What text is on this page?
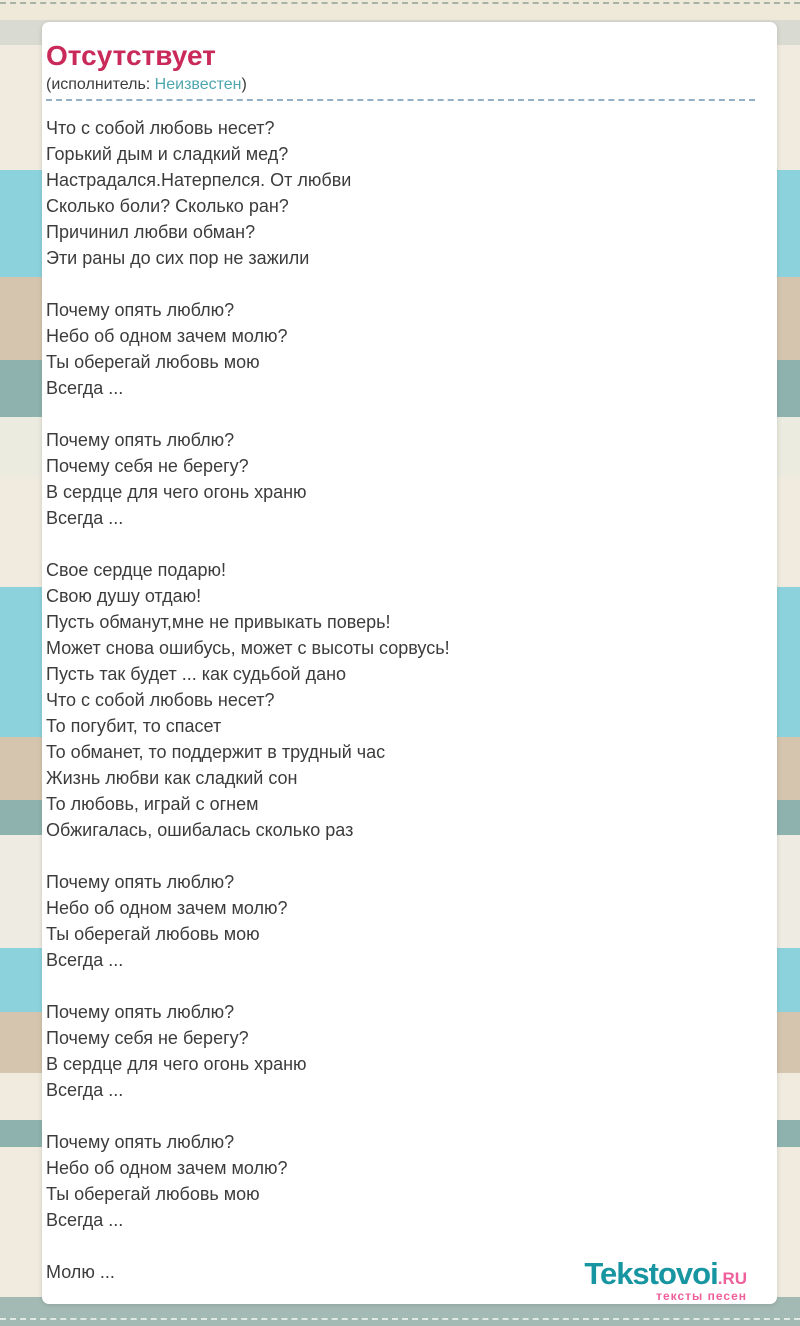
Отсутствует
(исполнитель: Неизвестен)
Что с собой любовь несет?
Горький дым и сладкий мед?
Настрадался.Натерпелся. От любви
Сколько боли? Сколько ран?
Причинил любви обман?
Эти раны до сих пор не зажили
Почему опять люблю?
Небо об одном зачем молю?
Ты оберегай любовь мою
Всегда ...
Почему опять люблю?
Почему себя не берегу?
В сердце для чего огонь храню
Всегда ...
Свое сердце подарю!
Свою душу отдаю!
Пусть обманут,мне не привыкать поверь!
Может снова ошибусь, может с высоты сорвусь!
Пусть так будет ... как судьбой дано
Что с собой любовь несет?
То погубит, то спасет
То обманет, то поддержит в трудный час
Жизнь любви как сладкий сон
То любовь, играй с огнем
Обжигалась, ошибалась сколько раз
Почему опять люблю?
Небо об одном зачем молю?
Ты оберегай любовь мою
Всегда ...
Почему опять люблю?
Почему себя не берегу?
В сердце для чего огонь храню
Всегда ...
Почему опять люблю?
Небо об одном зачем молю?
Ты оберегай любовь мою
Всегда ...
Молю ...	Tekstovoi.RU
тексты песен
